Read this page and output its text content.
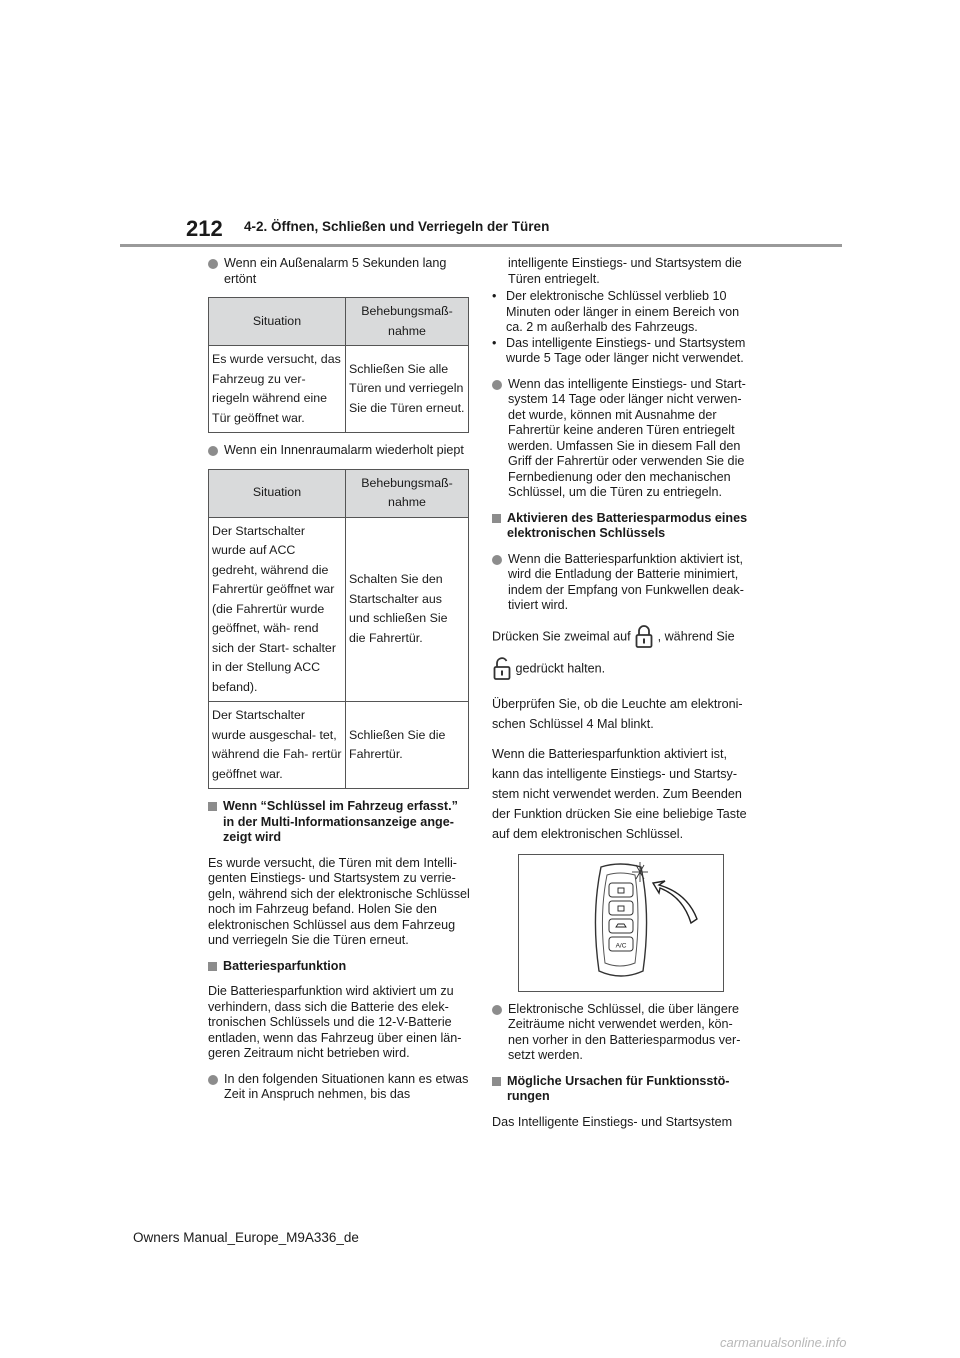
212 4-2. Öffnen, Schließen und Verriegeln der Türen
Wenn ein Außenalarm 5 Sekunden lang ertönt
Situation	Behebungsmaß-
nahme
Es wurde versucht, das Fahrzeug zu ver- riegeln während eine Tür geöffnet war.	Schließen Sie alle Türen und verriegeln Sie die Türen erneut.
Wenn ein Innenraumalarm wiederholt piept
Situation	Behebungsmaß-
nahme
Der Startschalter wurde auf ACC gedreht, während die Fahrertür geöffnet war (die Fahrertür wurde geöffnet, wäh- rend sich der Start- schalter in der Stellung ACC befand).	Schalten Sie den Startschalter aus und schließen Sie die Fahrertür.
Der Startschalter wurde ausgeschal- tet, während die Fah- rertür geöffnet war.	Schließen Sie die Fahrertür.
Wenn “Schlüssel im Fahrzeug erfasst.” in der Multi-Informationsanzeige ange- zeigt wird
Es wurde versucht, die Türen mit dem Intelli- genten Einstiegs- und Startsystem zu verrie- geln, während sich der elektronische Schlüssel noch im Fahrzeug befand. Holen Sie den elektronischen Schlüssel aus dem Fahrzeug und verriegeln Sie die Türen erneut.
Batteriesparfunktion
Die Batteriesparfunktion wird aktiviert um zu verhindern, dass sich die Batterie des elek- tronischen Schlüssels und die 12-V-Batterie entladen, wenn das Fahrzeug über einen län- geren Zeitraum nicht betrieben wird.
In den folgenden Situationen kann es etwas Zeit in Anspruch nehmen, bis das
intelligente Einstiegs- und Startsystem die Türen entriegelt.
• Der elektronische Schlüssel verblieb 10 Minuten oder länger in einem Bereich von ca. 2 m außerhalb des Fahrzeugs.
• Das intelligente Einstiegs- und Startsystem wurde 5 Tage oder länger nicht verwendet.
Wenn das intelligente Einstiegs- und Start- system 14 Tage oder länger nicht verwen- det wurde, können mit Ausnahme der Fahrertür keine anderen Türen entriegelt werden. Umfassen Sie in diesem Fall den Griff der Fahrertür oder verwenden Sie die Fernbedienung oder den mechanischen Schlüssel, um die Türen zu entriegeln.
Aktivieren des Batteriesparmodus eines elektronischen Schlüssels
Wenn die Batteriesparfunktion aktiviert ist, wird die Entladung der Batterie minimiert, indem der Empfang von Funkwellen deak- tiviert wird.
Drücken Sie zweimal auf , während Sie
gedrückt halten.
Überprüfen Sie, ob die Leuchte am elektroni- schen Schlüssel 4 Mal blinkt.
Wenn die Batteriesparfunktion aktiviert ist, kann das intelligente Einstiegs- und Startsy- stem nicht verwendet werden. Zum Beenden der Funktion drücken Sie eine beliebige Taste auf dem elektronischen Schlüssel.
A/C
Elektronische Schlüssel, die über längere Zeiträume nicht verwendet werden, kön- nen vorher in den Batteriesparmodus ver- setzt werden.
Mögliche Ursachen für Funktionsstö- rungen
Das Intelligente Einstiegs- und Startsystem
Owners Manual_Europe_M9A336_de
carmanualsonline.info
